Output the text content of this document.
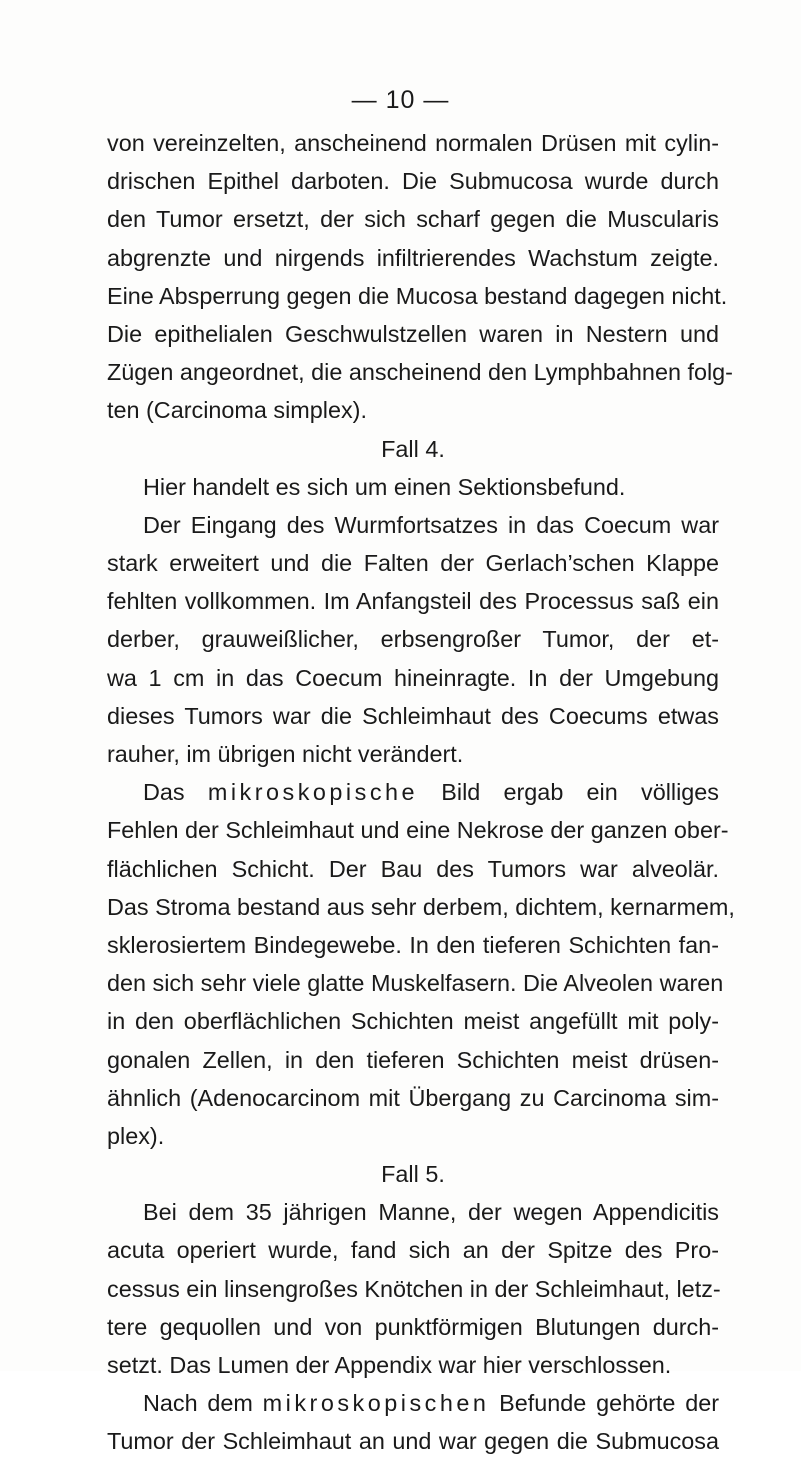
— 10 —
von vereinzelten, anscheinend normalen Drüsen mit cylin-
drischen Epithel darboten. Die Submucosa wurde durch
den Tumor ersetzt, der sich scharf gegen die Muscularis
abgrenzte und nirgends infiltrierendes Wachstum zeigte.
Eine Absperrung gegen die Mucosa bestand dagegen nicht.
Die epithelialen Geschwulstzellen waren in Nestern und
Zügen angeordnet, die anscheinend den Lymphbahnen folg-
ten (Carcinoma simplex).
Fall 4.
Hier handelt es sich um einen Sektionsbefund.
Der Eingang des Wurmfortsatzes in das Coecum war
stark erweitert und die Falten der Gerlach’schen Klappe
fehlten vollkommen. Im Anfangsteil des Processus saß ein
derber, grauweißlicher, erbsengroßer Tumor, der et-
wa 1 cm in das Coecum hineinragte. In der Umgebung
dieses Tumors war die Schleimhaut des Coecums etwas
rauher, im übrigen nicht verändert.
Das mikroskopische Bild ergab ein völliges
Fehlen der Schleimhaut und eine Nekrose der ganzen ober-
flächlichen Schicht. Der Bau des Tumors war alveolär.
Das Stroma bestand aus sehr derbem, dichtem, kernarmem,
sklerosiertem Bindegewebe. In den tieferen Schichten fan-
den sich sehr viele glatte Muskelfasern. Die Alveolen waren
in den oberflächlichen Schichten meist angefüllt mit poly-
gonalen Zellen, in den tieferen Schichten meist drüsen-
ähnlich (Adenocarcinom mit Übergang zu Carcinoma sim-
plex).
Fall 5.
Bei dem 35 jährigen Manne, der wegen Appendicitis
acuta operiert wurde, fand sich an der Spitze des Pro-
cessus ein linsengroßes Knötchen in der Schleimhaut, letz-
tere gequollen und von punktförmigen Blutungen durch-
setzt. Das Lumen der Appendix war hier verschlossen.
Nach dem mikroskopischen Befunde gehörte der
Tumor der Schleimhaut an und war gegen die Submucosa
